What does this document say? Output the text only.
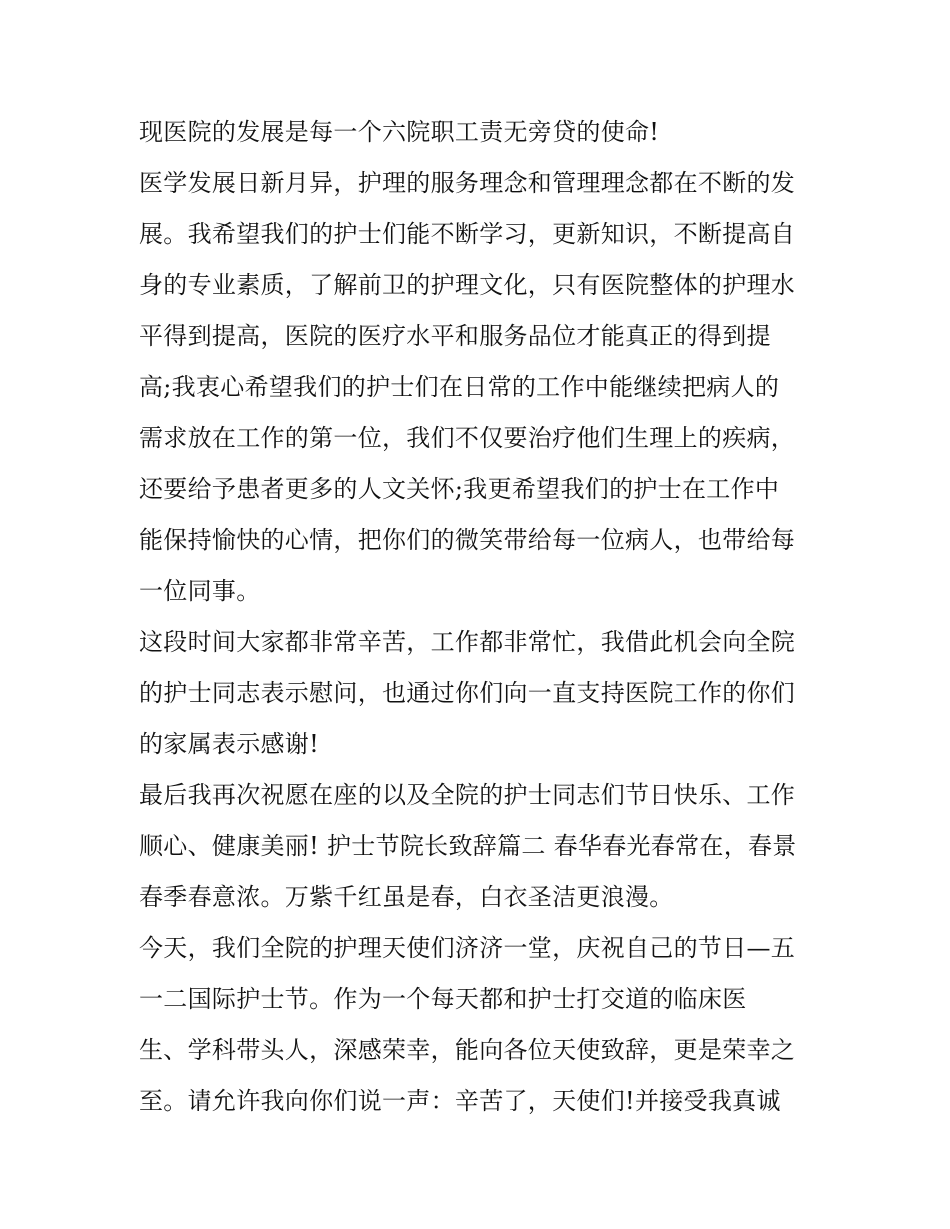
现医院的发展是每一个六院职工责无旁贷的使命!
医学发展日新月异，护理的服务理念和管理理念都在不断的发
展。我希望我们的护士们能不断学习，更新知识，不断提高自
身的专业素质，了解前卫的护理文化，只有医院整体的护理水
平得到提高，医院的医疗水平和服务品位才能真正的得到提
高;我衷心希望我们的护士们在日常的工作中能继续把病人的
需求放在工作的第一位，我们不仅要治疗他们生理上的疾病，
还要给予患者更多的人文关怀;我更希望我们的护士在工作中
能保持愉快的心情，把你们的微笑带给每一位病人，也带给每
一位同事。
这段时间大家都非常辛苦，工作都非常忙，我借此机会向全院
的护士同志表示慰问，也通过你们向一直支持医院工作的你们
的家属表示感谢!
最后我再次祝愿在座的以及全院的护士同志们节日快乐、工作
顺心、健康美丽! 护士节院长致辞篇二 春华春光春常在，春景
春季春意浓。万紫千红虽是春，白衣圣洁更浪漫。
今天，我们全院的护理天使们济济一堂，庆祝自己的节日—五
一二国际护士节。作为一个每天都和护士打交道的临床医
生、学科带头人，深感荣幸，能向各位天使致辞，更是荣幸之
至。请允许我向你们说一声：辛苦了，天使们!并接受我真诚
